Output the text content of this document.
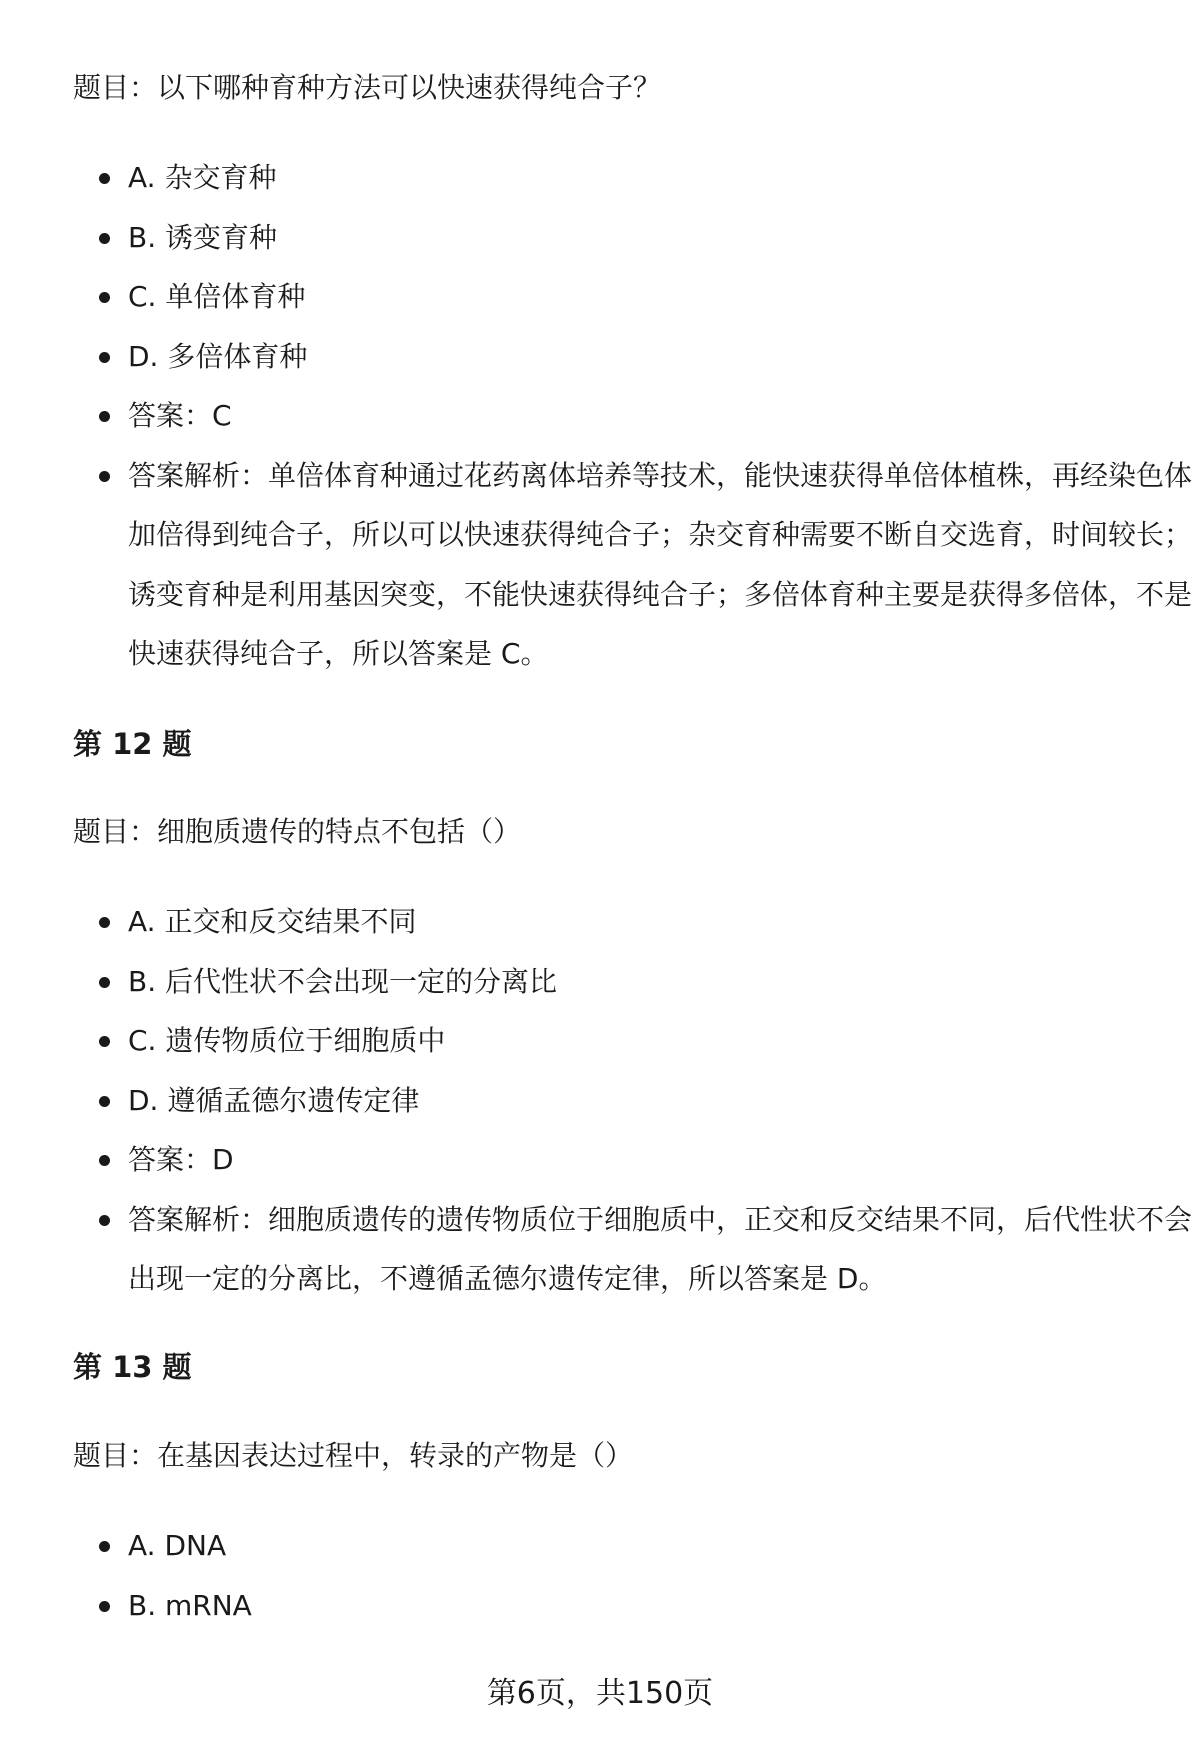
题目：以下哪种育种方法可以快速获得纯合子？

A. 杂交育种
B. 诱变育种
C. 单倍体育种
D. 多倍体育种
答案：C
答案解析：单倍体育种通过花药离体培养等技术，能快速获得单倍体植株，再经染色体加倍得到纯合子，所以可以快速获得纯合子；杂交育种需要不断自交选育，时间较长；诱变育种是利用基因突变，不能快速获得纯合子；多倍体育种主要是获得多倍体，不是快速获得纯合子，所以答案是 C。

第 12 题

题目：细胞质遗传的特点不包括（）

A. 正交和反交结果不同
B. 后代性状不会出现一定的分离比
C. 遗传物质位于细胞质中
D. 遵循孟德尔遗传定律
答案：D
答案解析：细胞质遗传的遗传物质位于细胞质中，正交和反交结果不同，后代性状不会出现一定的分离比，不遵循孟德尔遗传定律，所以答案是 D。

第 13 题

题目：在基因表达过程中，转录的产物是（）

A. DNA
B. mRNA
第6页，共150页
